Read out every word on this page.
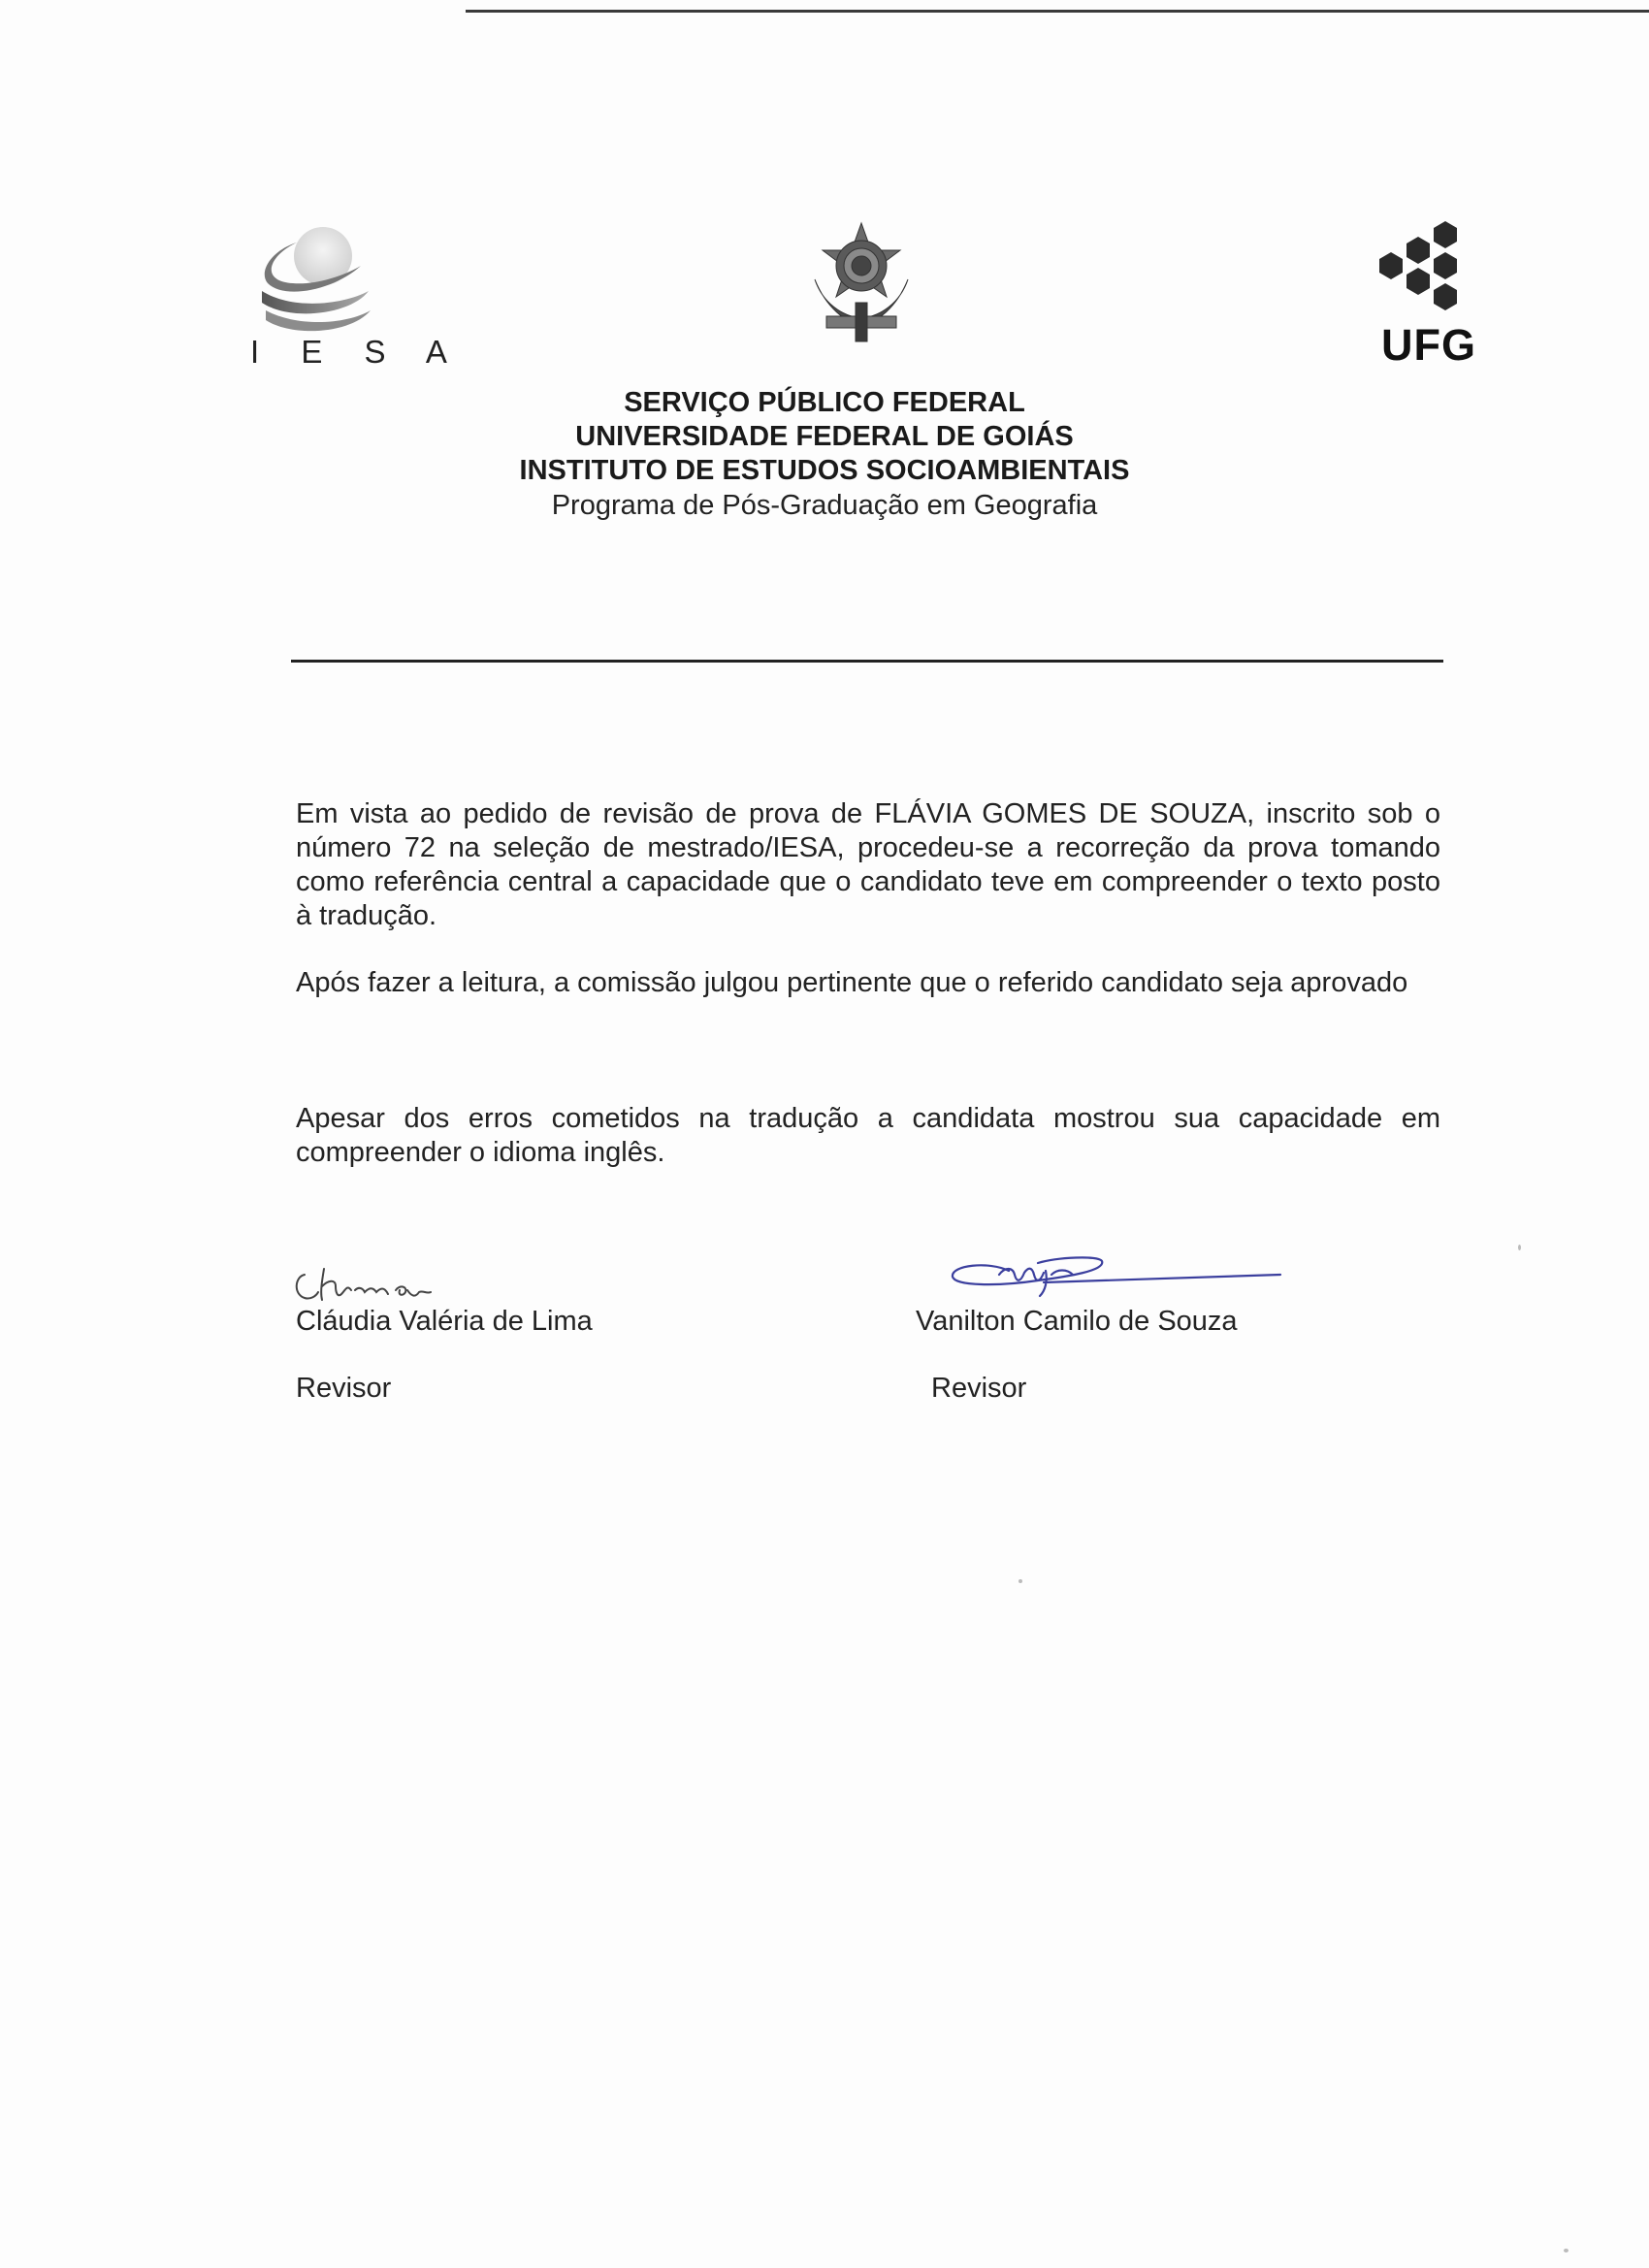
I E S A	UFG
SERVIÇO PÚBLICO FEDERAL
UNIVERSIDADE FEDERAL DE GOIÁS
INSTITUTO DE ESTUDOS SOCIOAMBIENTAIS
Programa de Pós-Graduação em Geografia
Em vista ao pedido de revisão de prova de FLÁVIA GOMES DE SOUZA, inscrito sob o número 72 na seleção de mestrado/IESA, procedeu-se a recorreção da prova tomando como referência central a capacidade que o candidato teve em compreender o texto posto à tradução.
Após fazer a leitura, a comissão julgou pertinente que o referido candidato seja aprovado
Apesar dos erros cometidos na tradução a candidata mostrou sua capacidade em compreender o idioma inglês.
Cláudia Valéria de Lima	Vanilton Camilo de Souza
Revisor	Revisor
